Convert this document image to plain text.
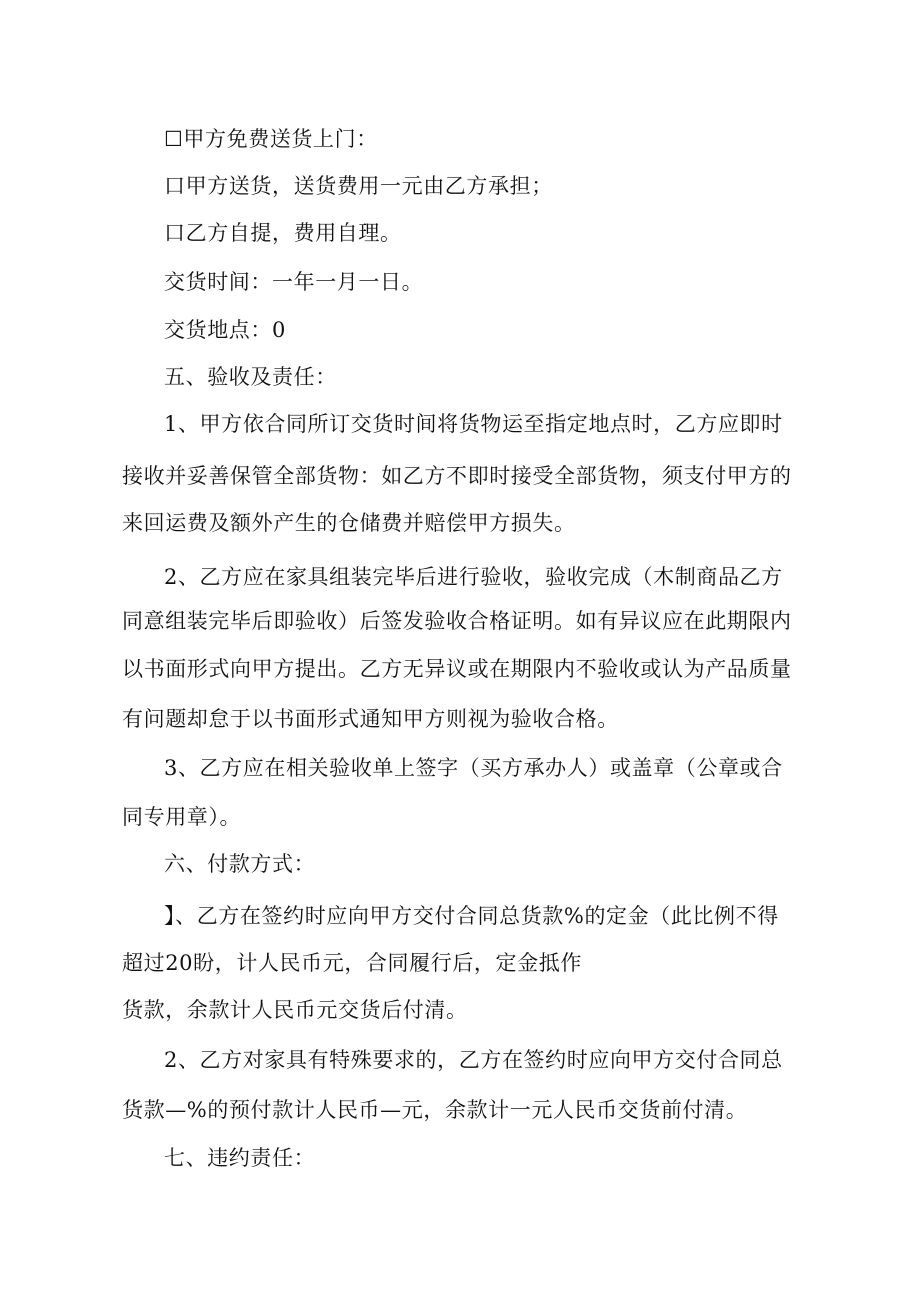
☐甲方免费送货上门：
口甲方送货，送货费用一元由乙方承担；
口乙方自提，费用自理。
交货时间：一年一月一日。
交货地点：0
五、验收及责任：
1、甲方依合同所订交货时间将货物运至指定地点时，乙方应即时
接收并妥善保管全部货物：如乙方不即时接受全部货物，须支付甲方的
来回运费及额外产生的仓储费并赔偿甲方损失。
2、乙方应在家具组装完毕后进行验收，验收完成（木制商品乙方
同意组装完毕后即验收）后签发验收合格证明。如有异议应在此期限内
以书面形式向甲方提出。乙方无异议或在期限内不验收或认为产品质量
有问题却怠于以书面形式通知甲方则视为验收合格。
3、乙方应在相关验收单上签字（买方承办人）或盖章（公章或合
同专用章）。
六、付款方式：
】、乙方在签约时应向甲方交付合同总货款%的定金（此比例不得
超过20盼，计人民币元，合同履行后，定金抵作
货款，余款计人民币元交货后付清。
2、乙方对家具有特殊要求的，乙方在签约时应向甲方交付合同总
货款—%的预付款计人民币—元，余款计一元人民币交货前付清。
七、违约责任：
